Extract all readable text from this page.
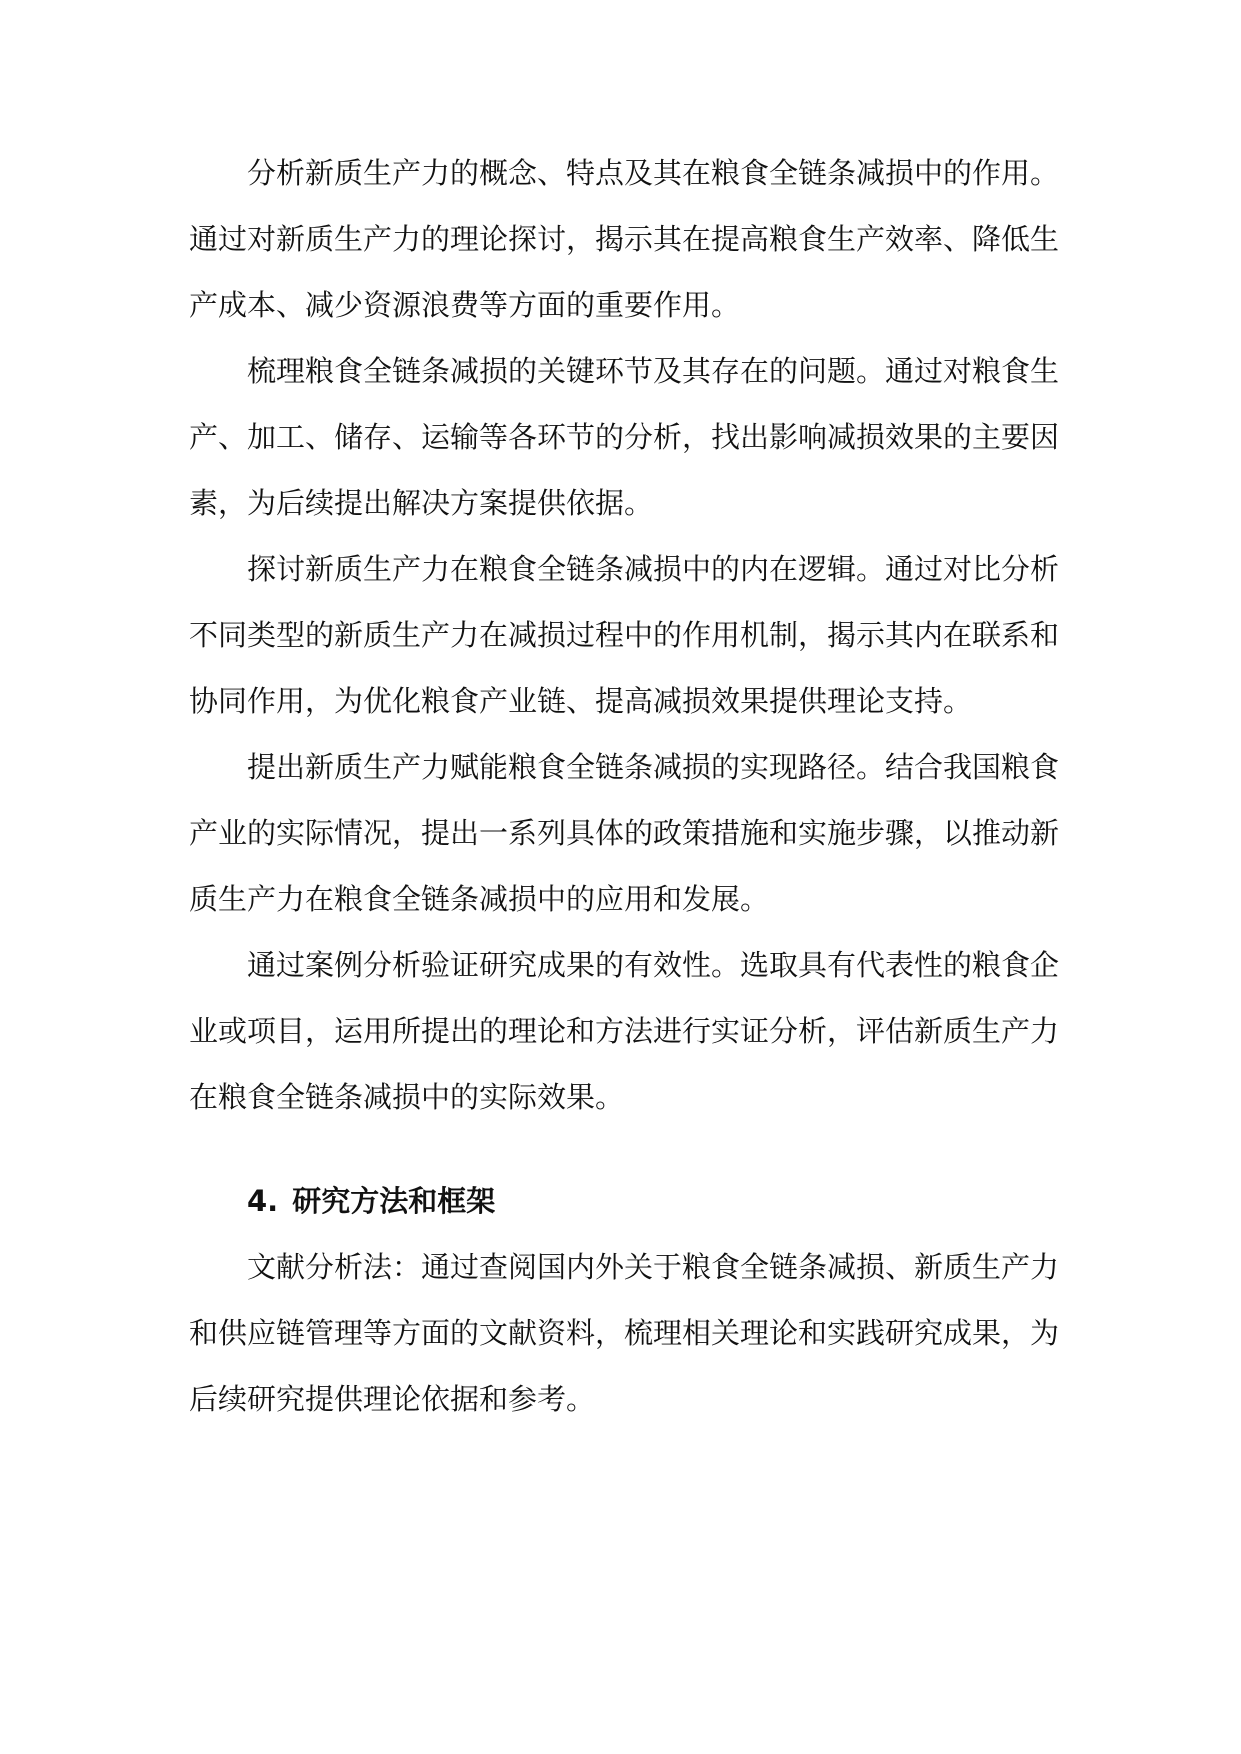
分析新质生产力的概念、特点及其在粮食全链条减损中的作用。通过对新质生产力的理论探讨，揭示其在提高粮食生产效率、降低生产成本、减少资源浪费等方面的重要作用。

梳理粮食全链条减损的关键环节及其存在的问题。通过对粮食生产、加工、储存、运输等各环节的分析，找出影响减损效果的主要因素，为后续提出解决方案提供依据。

探讨新质生产力在粮食全链条减损中的内在逻辑。通过对比分析不同类型的新质生产力在减损过程中的作用机制，揭示其内在联系和协同作用，为优化粮食产业链、提高减损效果提供理论支持。

提出新质生产力赋能粮食全链条减损的实现路径。结合我国粮食产业的实际情况，提出一系列具体的政策措施和实施步骤，以推动新质生产力在粮食全链条减损中的应用和发展。

通过案例分析验证研究成果的有效性。选取具有代表性的粮食企业或项目，运用所提出的理论和方法进行实证分析，评估新质生产力在粮食全链条减损中的实际效果。

4. 研究方法和框架

文献分析法：通过查阅国内外关于粮食全链条减损、新质生产力和供应链管理等方面的文献资料，梳理相关理论和实践研究成果，为后续研究提供理论依据和参考。
